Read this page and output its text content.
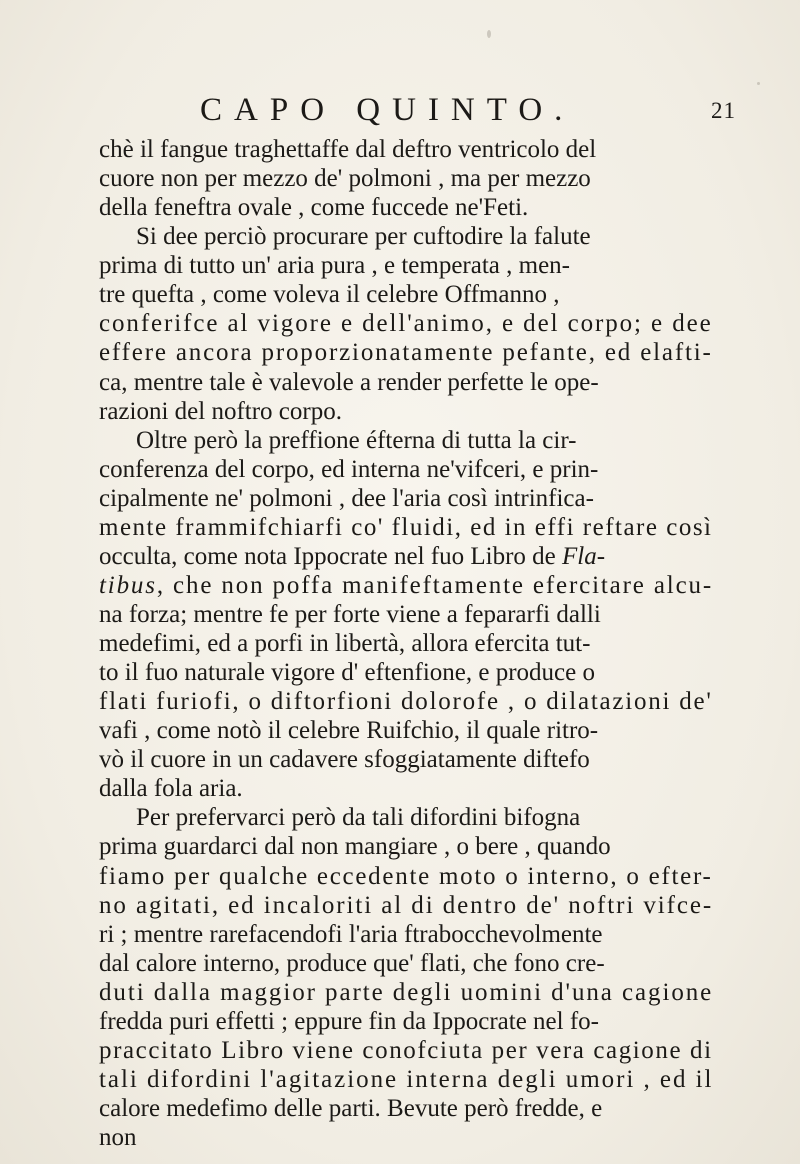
CAPO QUINTO.	21
chè il fangue traghettaffe dal deftro ventricolo del
cuore non per mezzo de' polmoni , ma per mezzo
della feneftra ovale , come fuccede ne'Feti.
Si dee perciò procurare per cuftodire la falute
prima di tutto un' aria pura , e temperata , men-
tre quefta , come voleva il celebre Offmanno ,
conferifce al vigore e dell'animo, e del corpo; e dee
effere ancora proporzionatamente pefante, ed elafti-
ca, mentre tale è valevole a render perfette le ope-
razioni del noftro corpo.
Oltre però la preffione éfterna di tutta la cir-
conferenza del corpo, ed interna ne'vifceri, e prin-
cipalmente ne' polmoni , dee l'aria così intrinfica-
mente frammifchiarfi co' fluidi, ed in effi reftare così
occulta, come nota Ippocrate nel fuo Libro de Fla-
tibus, che non poffa manifeftamente efercitare alcu-
na forza; mentre fe per forte viene a fepararfi dalli
medefimi, ed a porfi in libertà, allora efercita tut-
to il fuo naturale vigore d' eftenfione, e produce o
flati furiofi, o diftorfioni dolorofe , o dilatazioni de'
vafi , come notò il celebre Ruifchio, il quale ritro-
vò il cuore in un cadavere sfoggiatamente diftefo
dalla fola aria.
Per prefervarci però da tali difordini bifogna
prima guardarci dal non mangiare , o bere , quando
fiamo per qualche eccedente moto o interno, o efter-
no agitati, ed incaloriti al di dentro de' noftri vifce-
ri ; mentre rarefacendofi l'aria ftrabocchevolmente
dal calore interno, produce que' flati, che fono cre-
duti dalla maggior parte degli uomini d'una cagione
fredda puri effetti ; eppure fin da Ippocrate nel fo-
praccitato Libro viene conofciuta per vera cagione di
tali difordini l'agitazione interna degli umori , ed il
calore medefimo delle parti. Bevute però fredde, e
non
